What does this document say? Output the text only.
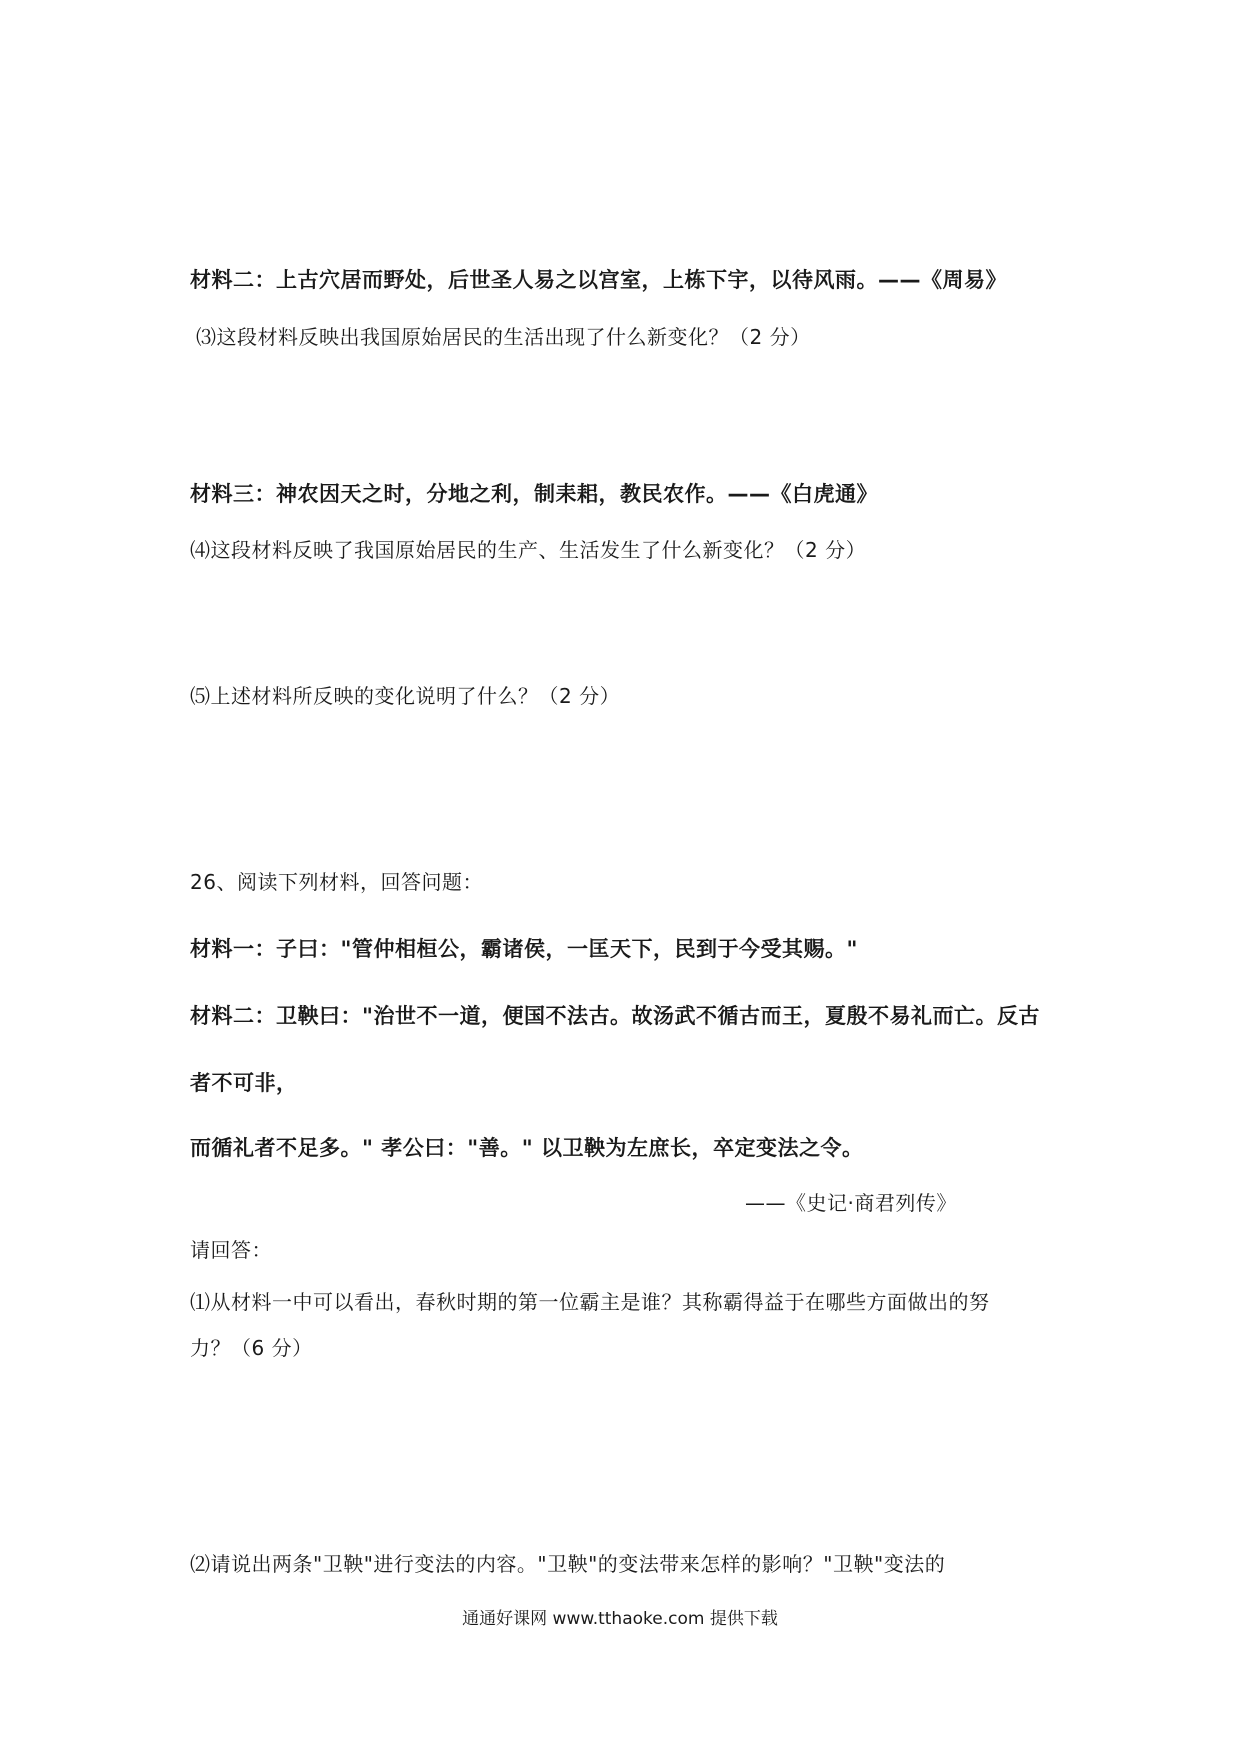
材料二：上古穴居而野处，后世圣人易之以宫室，上栋下宇，以待风雨。——《周易》
⑶这段材料反映出我国原始居民的生活出现了什么新变化？（2 分）
材料三：神农因天之时，分地之利，制耒耜，教民农作。——《白虎通》
⑷这段材料反映了我国原始居民的生产、生活发生了什么新变化？（2 分）
⑸上述材料所反映的变化说明了什么？（2 分）
26、阅读下列材料，回答问题：
材料一：子曰："管仲相桓公，霸诸侯，一匡天下，民到于今受其赐。"
材料二：卫鞅曰："治世不一道，便国不法古。故汤武不循古而王，夏殷不易礼而亡。反古
者不可非，
而循礼者不足多。" 孝公曰："善。" 以卫鞅为左庶长，卒定变法之令。
——《史记·商君列传》
请回答：
⑴从材料一中可以看出，春秋时期的第一位霸主是谁？其称霸得益于在哪些方面做出的努
力？（6 分）
⑵请说出两条"卫鞅"进行变法的内容。"卫鞅"的变法带来怎样的影响？"卫鞅"变法的
通通好课网 www.tthaoke.com 提供下载
